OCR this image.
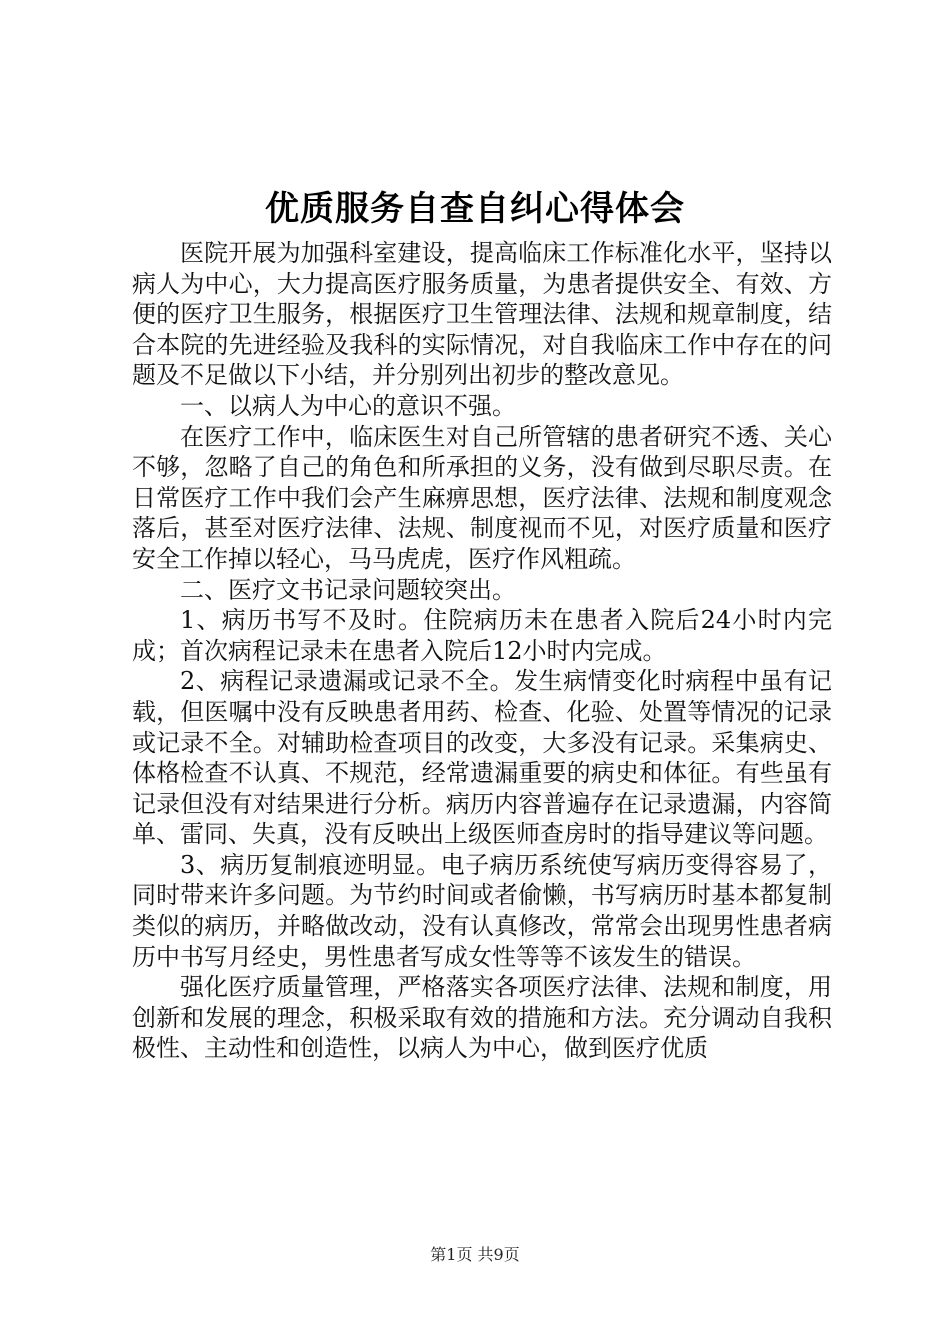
优质服务自查自纠心得体会

医院开展为加强科室建设，提高临床工作标准化水平，坚持以病人为中心，大力提高医疗服务质量，为患者提供安全、有效、方便的医疗卫生服务，根据医疗卫生管理法律、法规和规章制度，结合本院的先进经验及我科的实际情况，对自我临床工作中存在的问题及不足做以下小结，并分别列出初步的整改意见。

一、以病人为中心的意识不强。

在医疗工作中，临床医生对自己所管辖的患者研究不透、关心不够，忽略了自己的角色和所承担的义务，没有做到尽职尽责。在日常医疗工作中我们会产生麻痹思想，医疗法律、法规和制度观念落后，甚至对医疗法律、法规、制度视而不见，对医疗质量和医疗安全工作掉以轻心，马马虎虎，医疗作风粗疏。

二、医疗文书记录问题较突出。

1、病历书写不及时。住院病历未在患者入院后24小时内完成；首次病程记录未在患者入院后12小时内完成。

2、病程记录遗漏或记录不全。发生病情变化时病程中虽有记载，但医嘱中没有反映患者用药、检查、化验、处置等情况的记录或记录不全。对辅助检查项目的改变，大多没有记录。采集病史、体格检查不认真、不规范，经常遗漏重要的病史和体征。有些虽有记录但没有对结果进行分析。病历内容普遍存在记录遗漏，内容简单、雷同、失真，没有反映出上级医师查房时的指导建议等问题。

3、病历复制痕迹明显。电子病历系统使写病历变得容易了，同时带来许多问题。为节约时间或者偷懒，书写病历时基本都复制类似的病历，并略做改动，没有认真修改，常常会出现男性患者病历中书写月经史，男性患者写成女性等等不该发生的错误。

强化医疗质量管理，严格落实各项医疗法律、法规和制度，用创新和发展的理念，积极采取有效的措施和方法。充分调动自我积极性、主动性和创造性，以病人为中心，做到医疗优质

第1页 共9页
